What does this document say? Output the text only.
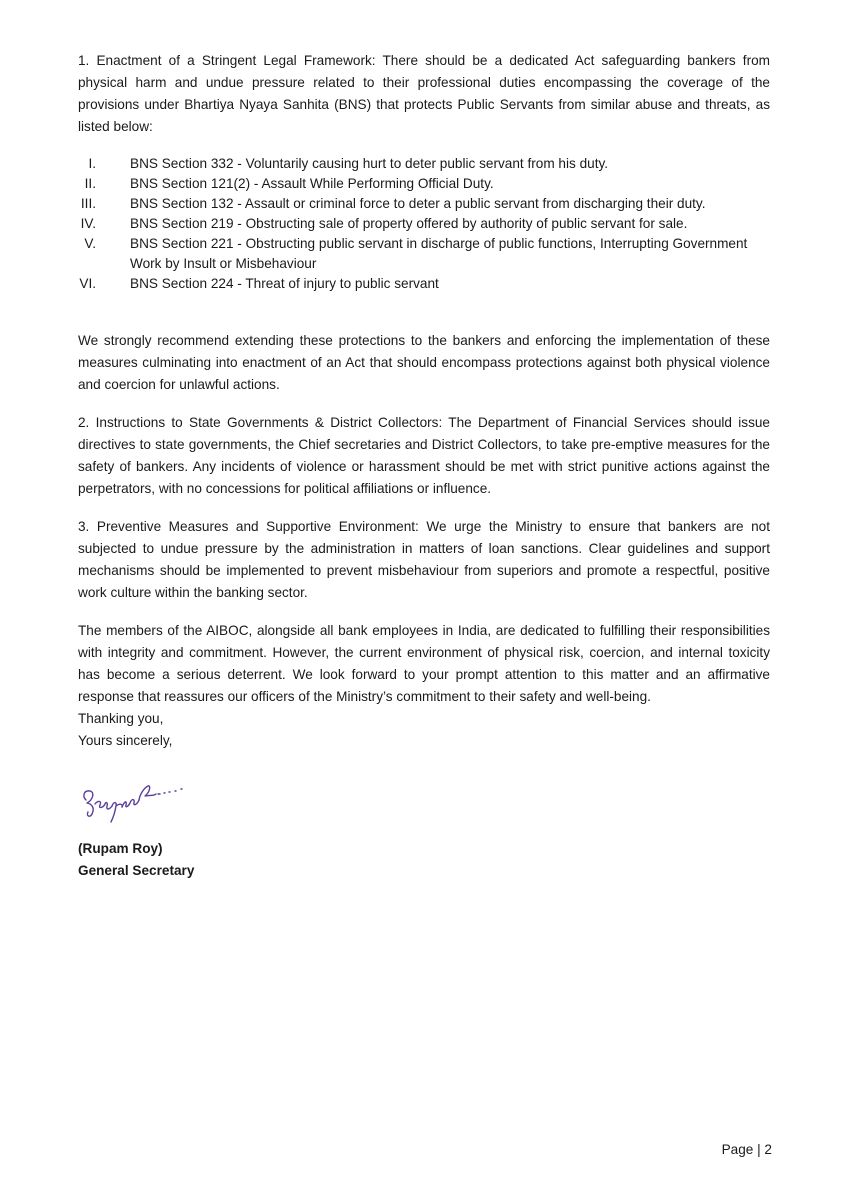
1. Enactment of a Stringent Legal Framework: There should be a dedicated Act safeguarding bankers from physical harm and undue pressure related to their professional duties encompassing the coverage of the provisions under Bhartiya Nyaya Sanhita (BNS) that protects Public Servants from similar abuse and threats, as listed below:

I.	BNS Section 332 - Voluntarily causing hurt to deter public servant from his duty.
II.	BNS Section 121(2) - Assault While Performing Official Duty.
III.	BNS Section 132 - Assault or criminal force to deter a public servant from discharging their duty.
IV.	BNS Section 219 - Obstructing sale of property offered by authority of public servant for sale.
V.	BNS Section 221 - Obstructing public servant in discharge of public functions, Interrupting Government Work by Insult or Misbehaviour
VI.	BNS Section 224 - Threat of injury to public servant

We strongly recommend extending these protections to the bankers and enforcing the implementation of these measures culminating into enactment of an Act that should encompass protections against both physical violence and coercion for unlawful actions.

2. Instructions to State Governments & District Collectors: The Department of Financial Services should issue directives to state governments, the Chief secretaries and District Collectors, to take pre-emptive measures for the safety of bankers. Any incidents of violence or harassment should be met with strict punitive actions against the perpetrators, with no concessions for political affiliations or influence.

3. Preventive Measures and Supportive Environment: We urge the Ministry to ensure that bankers are not subjected to undue pressure by the administration in matters of loan sanctions. Clear guidelines and support mechanisms should be implemented to prevent misbehaviour from superiors and promote a respectful, positive work culture within the banking sector.

The members of the AIBOC, alongside all bank employees in India, are dedicated to fulfilling their responsibilities with integrity and commitment. However, the current environment of physical risk, coercion, and internal toxicity has become a serious deterrent. We look forward to your prompt attention to this matter and an affirmative response that reassures our officers of the Ministry’s commitment to their safety and well-being.

Thanking you,

Yours sincerely,

(Rupam Roy)

General Secretary

Page | 2
